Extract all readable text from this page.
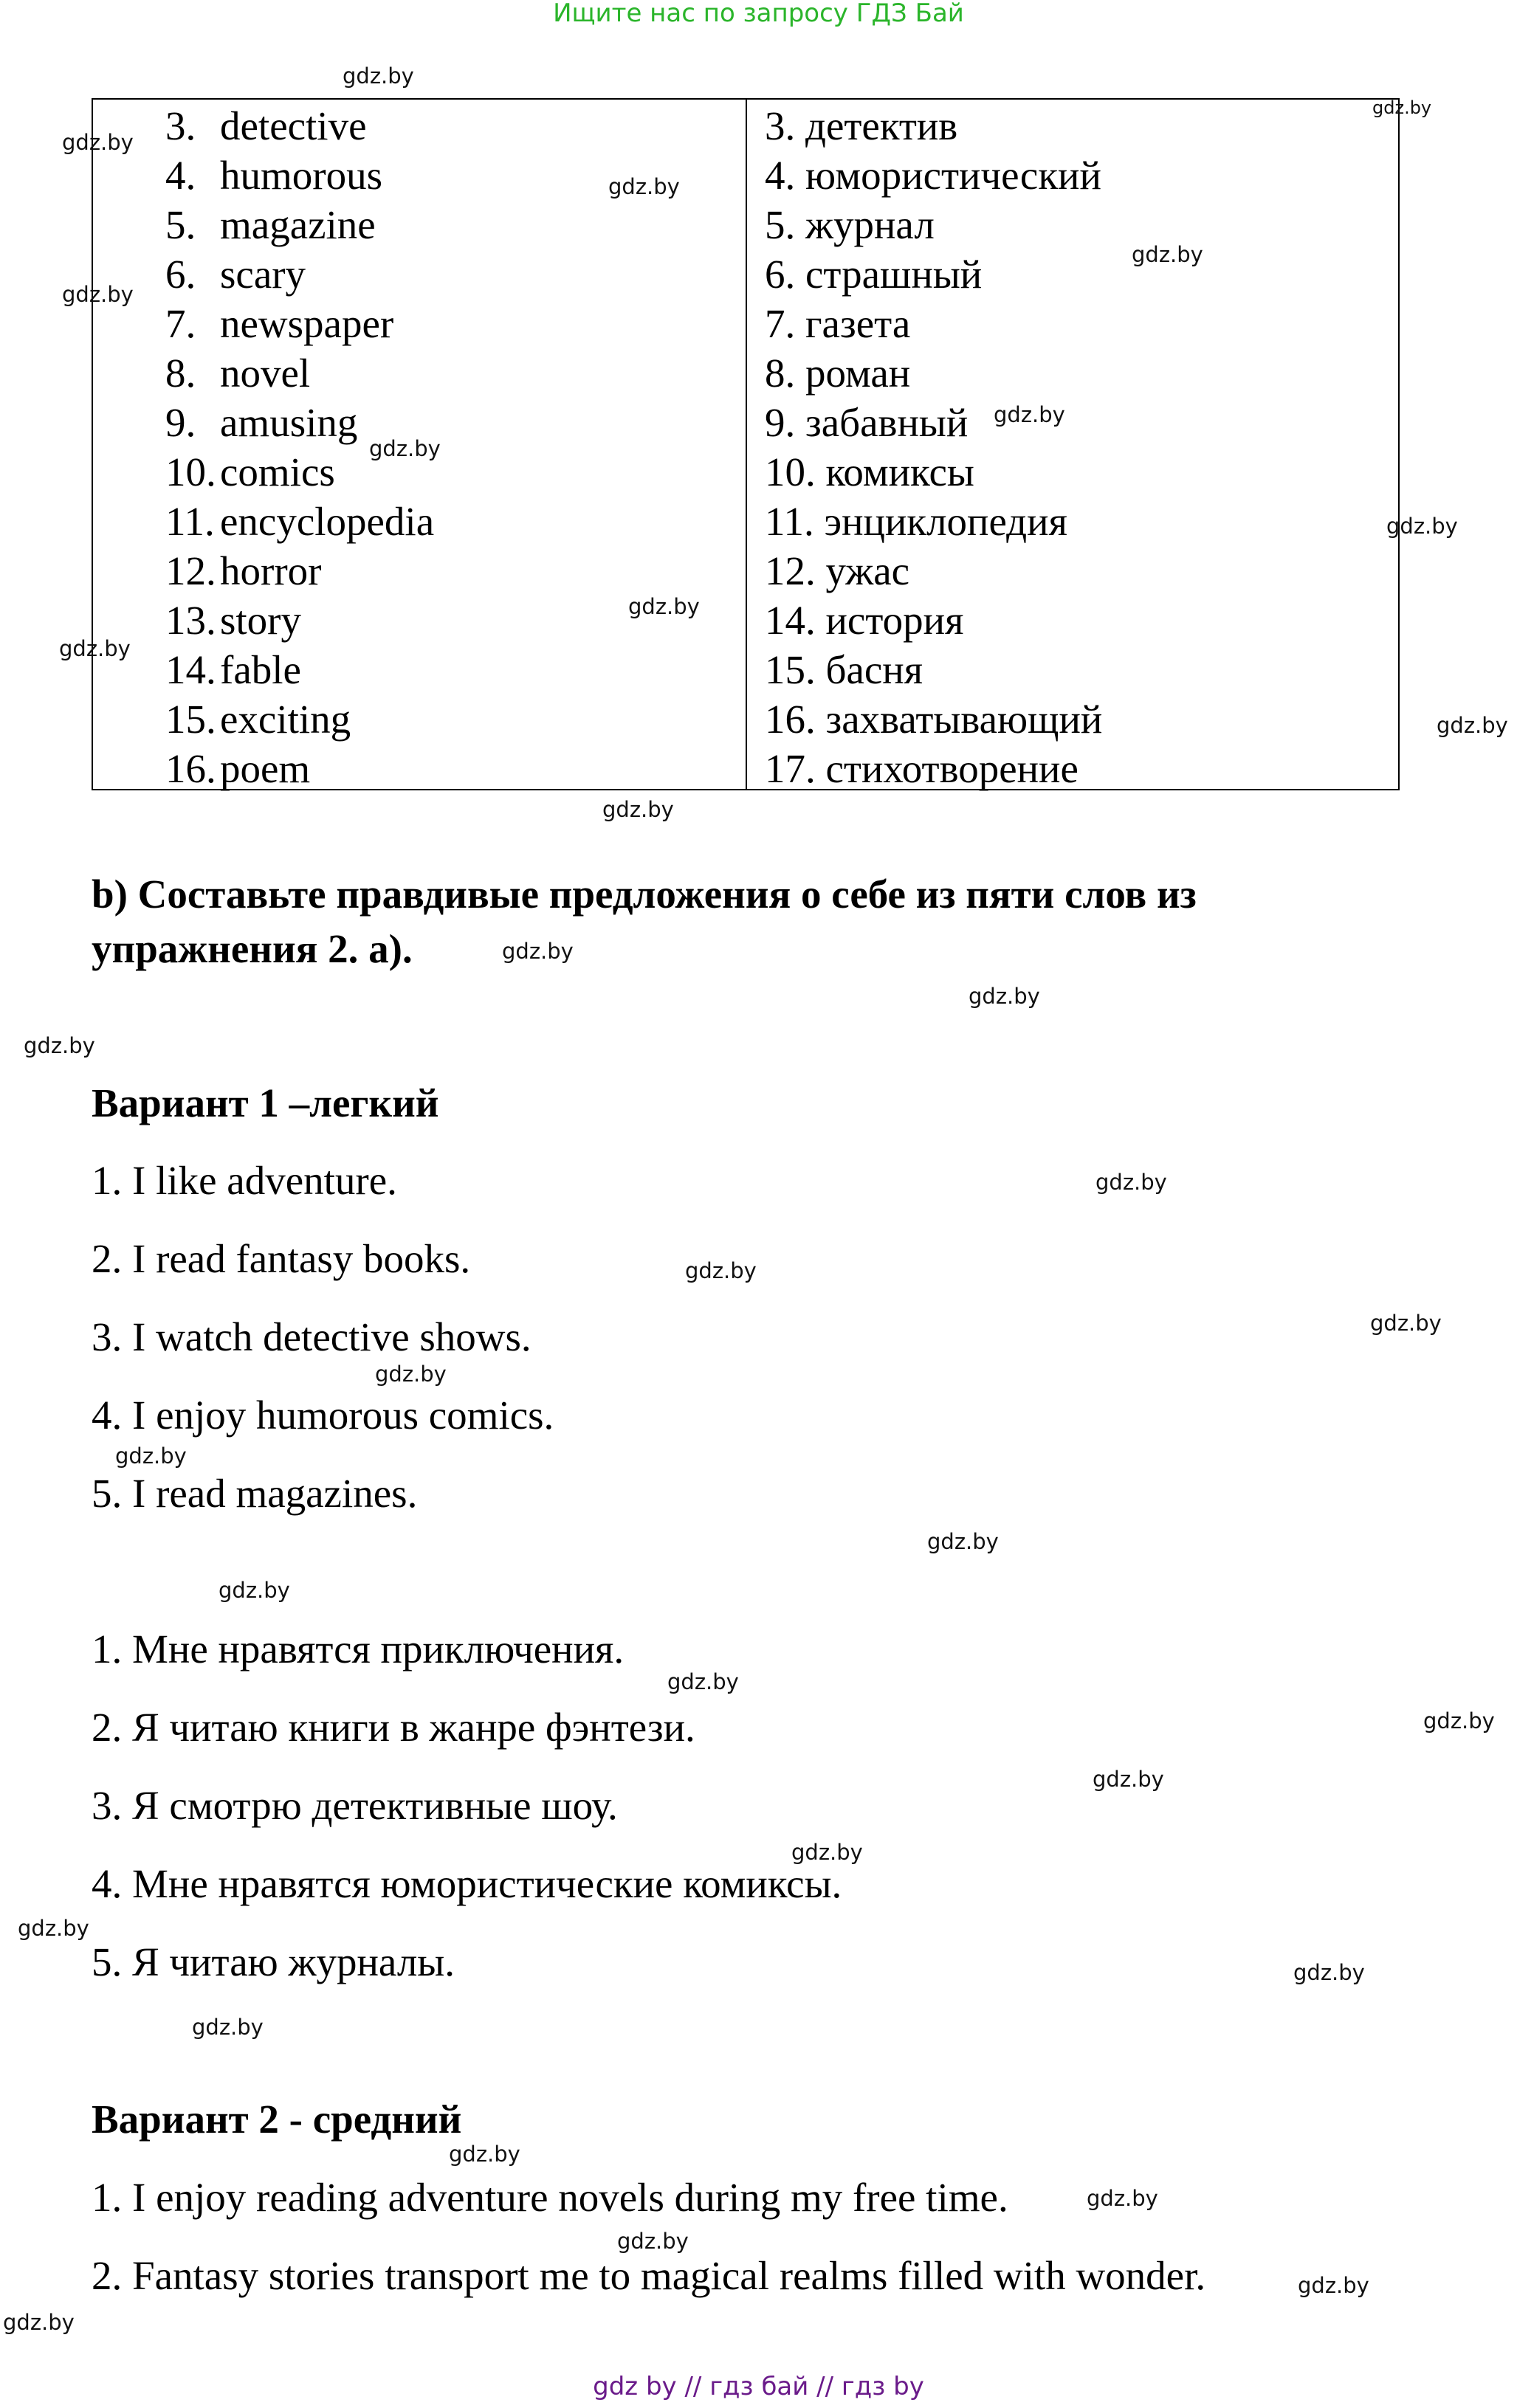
Ищите нас по запросу ГДЗ Бай
3. detective
4. humorous
5. magazine
6. scary
7. newspaper
8. novel
9. amusing
10.comics
11. encyclopedia
12.horror
13.story
14.fable
15.exciting
16.poem
3. детектив
4. юмористический
5. журнал
6. страшный
7. газета
8. роман
9. забавный
10. комиксы
11. энциклопедия
12. ужас
14. история
15. басня
16. захватывающий
17. стихотворение
b) Составьте правдивые предложения о себе из пяти слов из
упражнения 2. а).
Вариант 1 –легкий
1. I like adventure.
2. I read fantasy books.
3. I watch detective shows.
4. I enjoy humorous comics.
5. I read magazines.
1. Мне нравятся приключения.
2. Я читаю книги в жанре фэнтези.
3. Я смотрю детективные шоу.
4. Мне нравятся юмористические комиксы.
5. Я читаю журналы.
Вариант 2 - средний
1. I enjoy reading adventure novels during my free time.
2. Fantasy stories transport me to magical realms filled with wonder.
gdz.by
gdz.by
gdz.by
gdz.by
gdz.by
gdz.by
gdz.by
gdz.by
gdz.by
gdz.by
gdz.by
gdz.by
gdz.by
gdz.by
gdz.by
gdz.by
gdz.by
gdz.by
gdz.by
gdz.by
gdz.by
gdz.by
gdz.by
gdz.by
gdz.by
gdz.by
gdz.by
gdz.by
gdz.by
gdz.by
gdz.by
gdz.by
gdz.by
gdz.by
gdz.by
gdz by // гдз бай // гдз by
